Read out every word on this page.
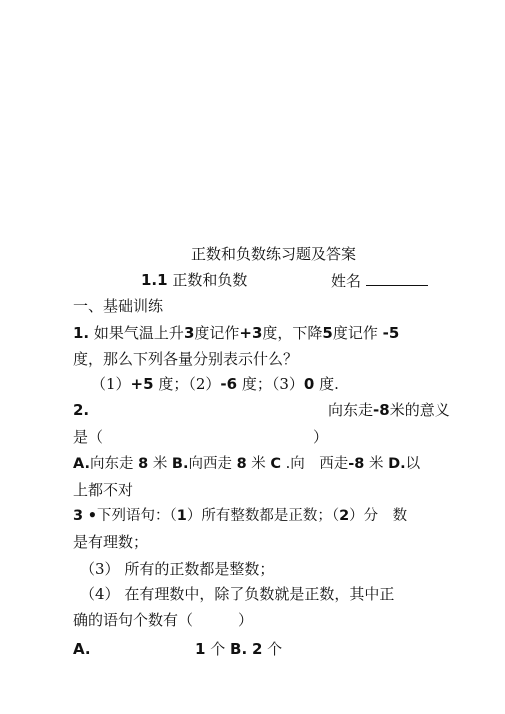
正数和负数练习题及答案
1.1 正数和负数	姓名
一、基础训练
1. 如果气温上升3度记作+3度，下降5度记作 -5
度，那么下列各量分别表示什么？
（1）+5 度；（2）-6 度；（3）0 度.
2.	向东走-8米的意义
是（　　　　　　　　　　　　　　）
A.向东走 8 米 B.向西走 8 米 C .向　西走-8 米 D.以
上都不对
3 •下列语句：（1）所有整数都是正数；（2）分　数
是有理数；
（3） 所有的正数都是整数；
（4） 在有理数中，除了负数就是正数，其中正
确的语句个数有（　　　）
A.	1 个 B. 2 个
